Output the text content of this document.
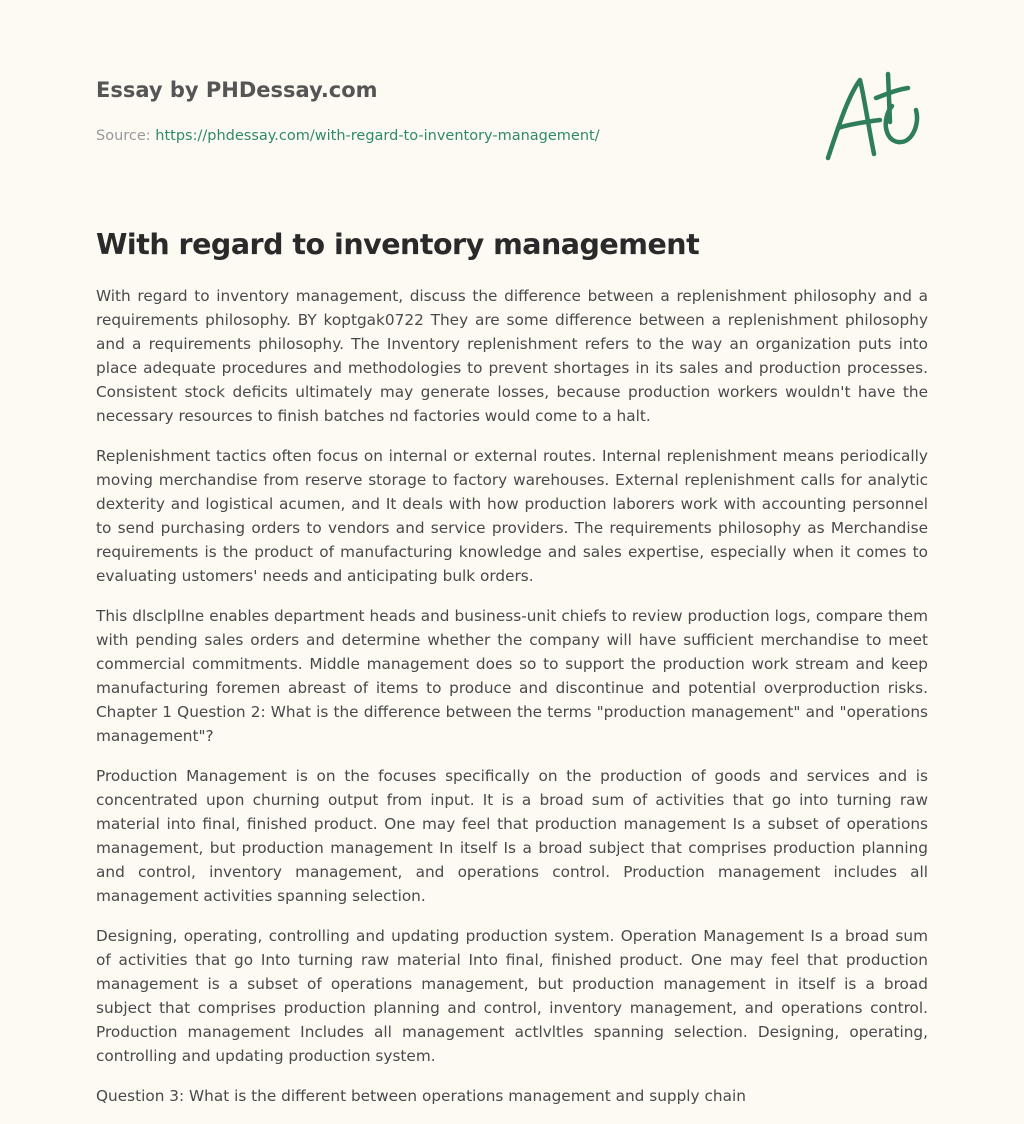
Essay by PHDessay.com
Source: https://phdessay.com/with-regard-to-inventory-management/
With regard to inventory management

With regard to inventory management, discuss the difference between a replenishment philosophy and a requirements philosophy. BY koptgak0722 They are some difference between a replenishment philosophy and a requirements philosophy. The Inventory replenishment refers to the way an organization puts into place adequate procedures and methodologies to prevent shortages in its sales and production processes. Consistent stock deficits ultimately may generate losses, because production workers wouldn't have the necessary resources to finish batches nd factories would come to a halt.

Replenishment tactics often focus on internal or external routes. Internal replenishment means periodically moving merchandise from reserve storage to factory warehouses. External replenishment calls for analytic dexterity and logistical acumen, and It deals with how production laborers work with accounting personnel to send purchasing orders to vendors and service providers. The requirements philosophy as Merchandise requirements is the product of manufacturing knowledge and sales expertise, especially when it comes to evaluating ustomers' needs and anticipating bulk orders.

This dlsclpllne enables department heads and business-unit chiefs to review production logs, compare them with pending sales orders and determine whether the company will have sufficient merchandise to meet commercial commitments. Middle management does so to support the production work stream and keep manufacturing foremen abreast of items to produce and discontinue and potential overproduction risks. Chapter 1 Question 2: What is the difference between the terms "production management" and "operations management"?

Production Management is on the focuses specifically on the production of goods and services and is concentrated upon churning output from input. It is a broad sum of activities that go into turning raw material into final, finished product. One may feel that production management Is a subset of operations management, but production management In itself Is a broad subject that comprises production planning and control, inventory management, and operations control. Production management includes all management activities spanning selection.

Designing, operating, controlling and updating production system. Operation Management Is a broad sum of activities that go Into turning raw material Into final, finished product. One may feel that production management is a subset of operations management, but production management in itself is a broad subject that comprises production planning and control, inventory management, and operations control. Production management Includes all management actlvltles spanning selection. Designing, operating, controlling and updating production system.

Question 3: What is the different between operations management and supply chain
